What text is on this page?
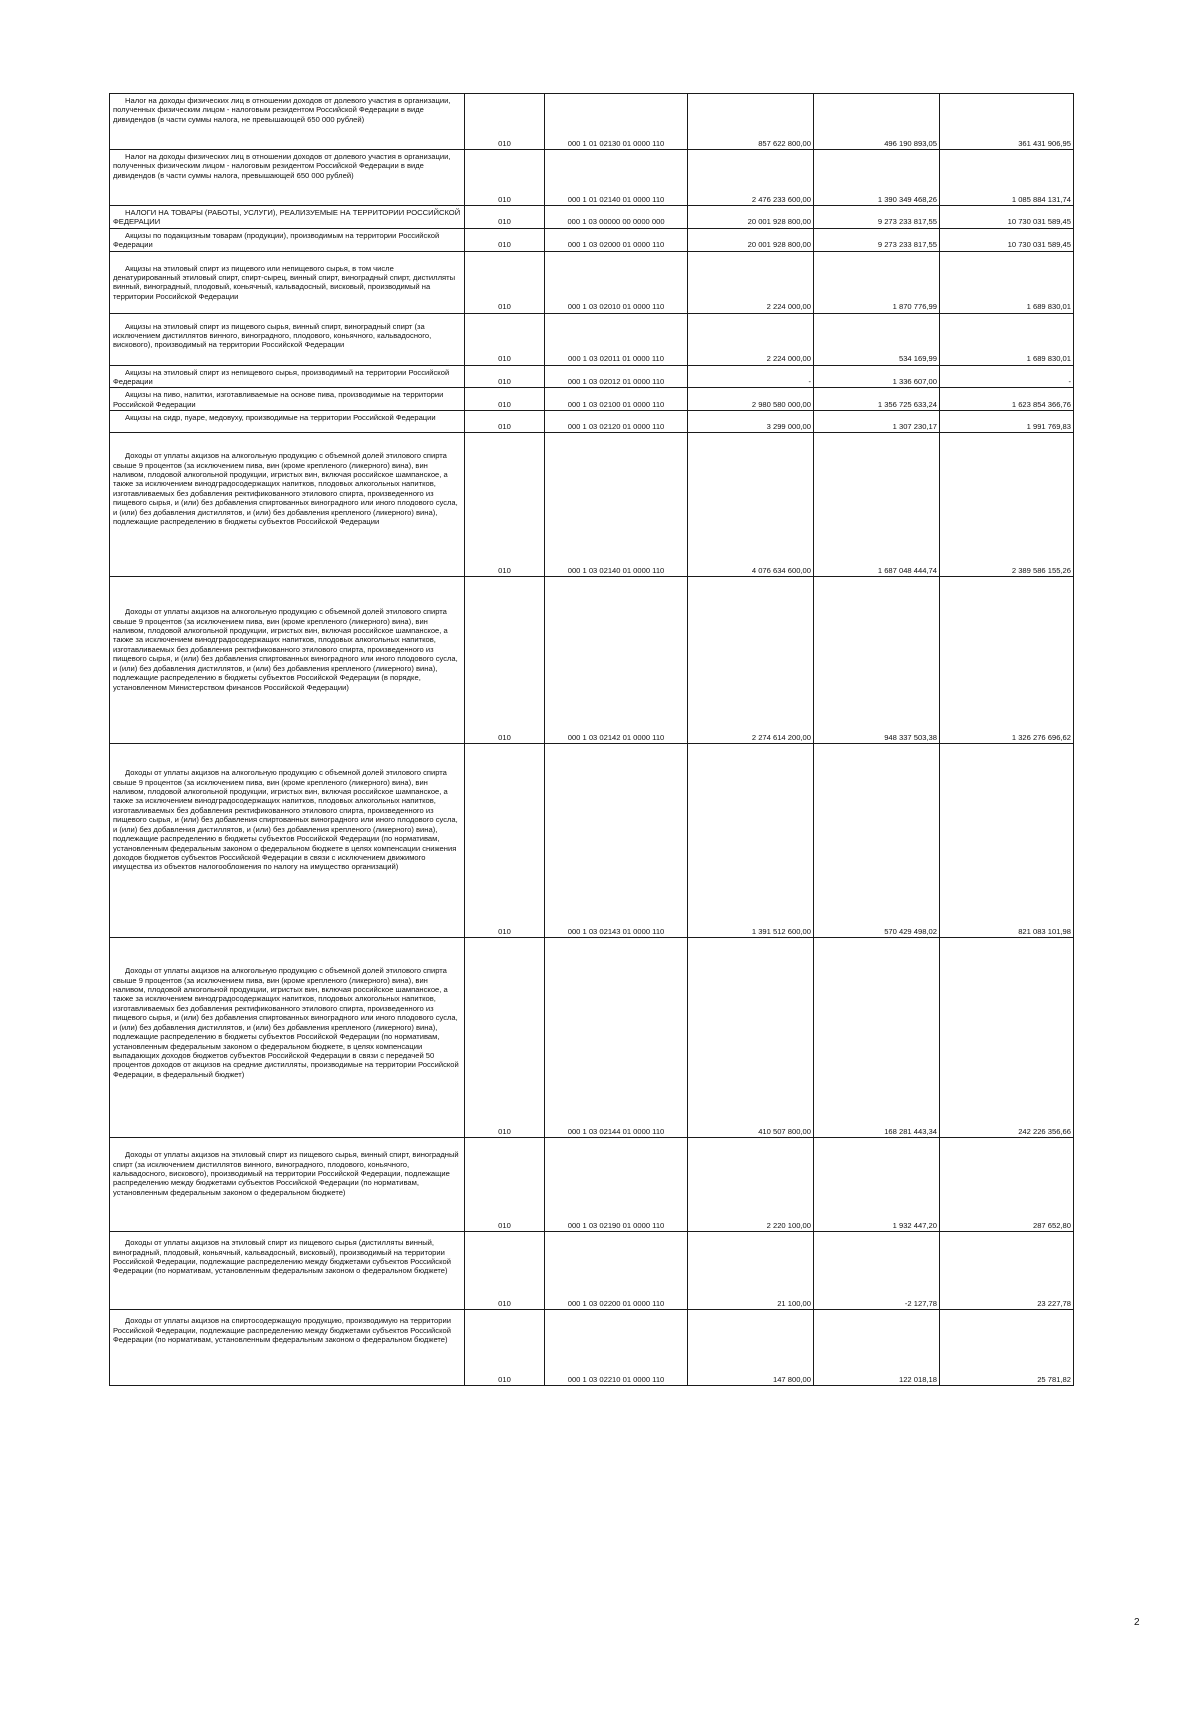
Налог на доходы физических лиц в отношении доходов от долевого участия в организации, полученных физическим лицом - налоговым резидентом Российской Федерации в виде дивидендов (в части суммы налога, не превышающей 650 000 рублей)	010	000 1 01 02130 01 0000 110	857 622 800,00	496 190 893,05	361 431 906,95
Налог на доходы физических лиц в отношении доходов от долевого участия в организации, полученных физическим лицом - налоговым резидентом Российской Федерации в виде дивидендов (в части суммы налога, превышающей 650 000 рублей)	010	000 1 01 02140 01 0000 110	2 476 233 600,00	1 390 349 468,26	1 085 884 131,74
НАЛОГИ НА ТОВАРЫ (РАБОТЫ, УСЛУГИ), РЕАЛИЗУЕМЫЕ НА ТЕРРИТОРИИ РОССИЙСКОЙ ФЕДЕРАЦИИ	010	000 1 03 00000 00 0000 000	20 001 928 800,00	9 273 233 817,55	10 730 031 589,45
Акцизы по подакцизным товарам (продукции), производимым на территории Российской Федерации	010	000 1 03 02000 01 0000 110	20 001 928 800,00	9 273 233 817,55	10 730 031 589,45
Акцизы на этиловый спирт из пищевого или непищевого сырья, в том числе денатурированный этиловый спирт, спирт-сырец, винный спирт, виноградный спирт, дистилляты винный, виноградный, плодовый, коньячный, кальвадосный, висковый, производимый на территории Российской Федерации	010	000 1 03 02010 01 0000 110	2 224 000,00	1 870 776,99	1 689 830,01
Акцизы на этиловый спирт из пищевого сырья, винный спирт, виноградный спирт (за исключением дистиллятов винного, виноградного, плодового, коньячного, кальвадосного, вискового), производимый на территории Российской Федерации	010	000 1 03 02011 01 0000 110	2 224 000,00	534 169,99	1 689 830,01
Акцизы на этиловый спирт из непищевого сырья, производимый на территории Российской Федерации	010	000 1 03 02012 01 0000 110	-	1 336 607,00	-
Акцизы на пиво, напитки, изготавливаемые на основе пива, производимые на территории Российской Федерации	010	000 1 03 02100 01 0000 110	2 980 580 000,00	1 356 725 633,24	1 623 854 366,76
Акцизы на сидр, пуаре, медовуху, производимые на территории Российской Федерации	010	000 1 03 02120 01 0000 110	3 299 000,00	1 307 230,17	1 991 769,83
Доходы от уплаты акцизов на алкогольную продукцию с объемной долей этилового спирта свыше 9 процентов (за исключением пива, вин (кроме крепленого (ликерного) вина), вин наливом, плодовой алкогольной продукции, игристых вин, включая российское шампанское, а также за исключением винодградосодержащих напитков, плодовых алкогольных напитков, изготавливаемых без добавления ректификованного этилового спирта, произведенного из пищевого сырья, и (или) без добавления спиртованных виноградного или иного плодового сусла, и (или) без добавления дистиллятов, и (или) без добавления крепленого (ликерного) вина), подлежащие распределению в бюджеты субъектов Российской Федерации	010	000 1 03 02140 01 0000 110	4 076 634 600,00	1 687 048 444,74	2 389 586 155,26
Доходы от уплаты акцизов на алкогольную продукцию с объемной долей этилового спирта свыше 9 процентов (за исключением пива, вин (кроме крепленого (ликерного) вина), вин наливом, плодовой алкогольной продукции, игристых вин, включая российское шампанское, а также за исключением винодградосодержащих напитков, плодовых алкогольных напитков, изготавливаемых без добавления ректификованного этилового спирта, произведенного из пищевого сырья, и (или) без добавления спиртованных виноградного или иного плодового сусла, и (или) без добавления дистиллятов, и (или) без добавления крепленого (ликерного) вина), подлежащие распределению в бюджеты субъектов Российской Федерации (в порядке, установленном Министерством финансов Российской Федерации)	010	000 1 03 02142 01 0000 110	2 274 614 200,00	948 337 503,38	1 326 276 696,62
Доходы от уплаты акцизов на алкогольную продукцию с объемной долей этилового спирта свыше 9 процентов (за исключением пива, вин (кроме крепленого (ликерного) вина), вин наливом, плодовой алкогольной продукции, игристых вин, включая российское шампанское, а также за исключением винодградосодержащих напитков, плодовых алкогольных напитков, изготавливаемых без добавления ректификованного этилового спирта, произведенного из пищевого сырья, и (или) без добавления спиртованных виноградного или иного плодового сусла, и (или) без добавления дистиллятов, и (или) без добавления крепленого (ликерного) вина), подлежащие распределению в бюджеты субъектов Российской Федерации (по нормативам, установленным федеральным законом о федеральном бюджете в целях компенсации снижения доходов бюджетов субъектов Российской Федерации в связи с исключением движимого имущества из объектов налогообложения по налогу на имущество организаций)	010	000 1 03 02143 01 0000 110	1 391 512 600,00	570 429 498,02	821 083 101,98
Доходы от уплаты акцизов на алкогольную продукцию с объемной долей этилового спирта свыше 9 процентов (за исключением пива, вин (кроме крепленого (ликерного) вина), вин наливом, плодовой алкогольной продукции, игристых вин, включая российское шампанское, а также за исключением винодградосодержащих напитков, плодовых алкогольных напитков, изготавливаемых без добавления ректификованного этилового спирта, произведенного из пищевого сырья, и (или) без добавления спиртованных виноградного или иного плодового сусла, и (или) без добавления дистиллятов, и (или) без добавления крепленого (ликерного) вина), подлежащие распределению в бюджеты субъектов Российской Федерации (по нормативам, установленным федеральным законом о федеральном бюджете, в целях компенсации выпадающих доходов бюджетов субъектов Российской Федерации в связи с передачей 50 процентов доходов от акцизов на средние дистилляты, производимые на территории Российской Федерации, в федеральный бюджет)	010	000 1 03 02144 01 0000 110	410 507 800,00	168 281 443,34	242 226 356,66
Доходы от уплаты акцизов на этиловый спирт из пищевого сырья, винный спирт, виноградный спирт (за исключением дистиллятов винного, виноградного, плодового, коньячного, кальвадосного, вискового), производимый на территории Российской Федерации, подлежащие распределению между бюджетами субъектов Российской Федерации (по нормативам, установленным федеральным законом о федеральном бюджете)	010	000 1 03 02190 01 0000 110	2 220 100,00	1 932 447,20	287 652,80
Доходы от уплаты акцизов на этиловый спирт из пищевого сырья (дистилляты винный, виноградный, плодовый, коньячный, кальвадосный, висковый), производимый на территории Российской Федерации, подлежащие распределению между бюджетами субъектов Российской Федерации (по нормативам, установленным федеральным законом о федеральном бюджете)	010	000 1 03 02200 01 0000 110	21 100,00	-2 127,78	23 227,78
Доходы от уплаты акцизов на спиртосодержащую продукцию, производимую на территории Российской Федерации, подлежащие распределению между бюджетами субъектов Российской Федерации (по нормативам, установленным федеральным законом о федеральном бюджете)	010	000 1 03 02210 01 0000 110	147 800,00	122 018,18	25 781,82
2
